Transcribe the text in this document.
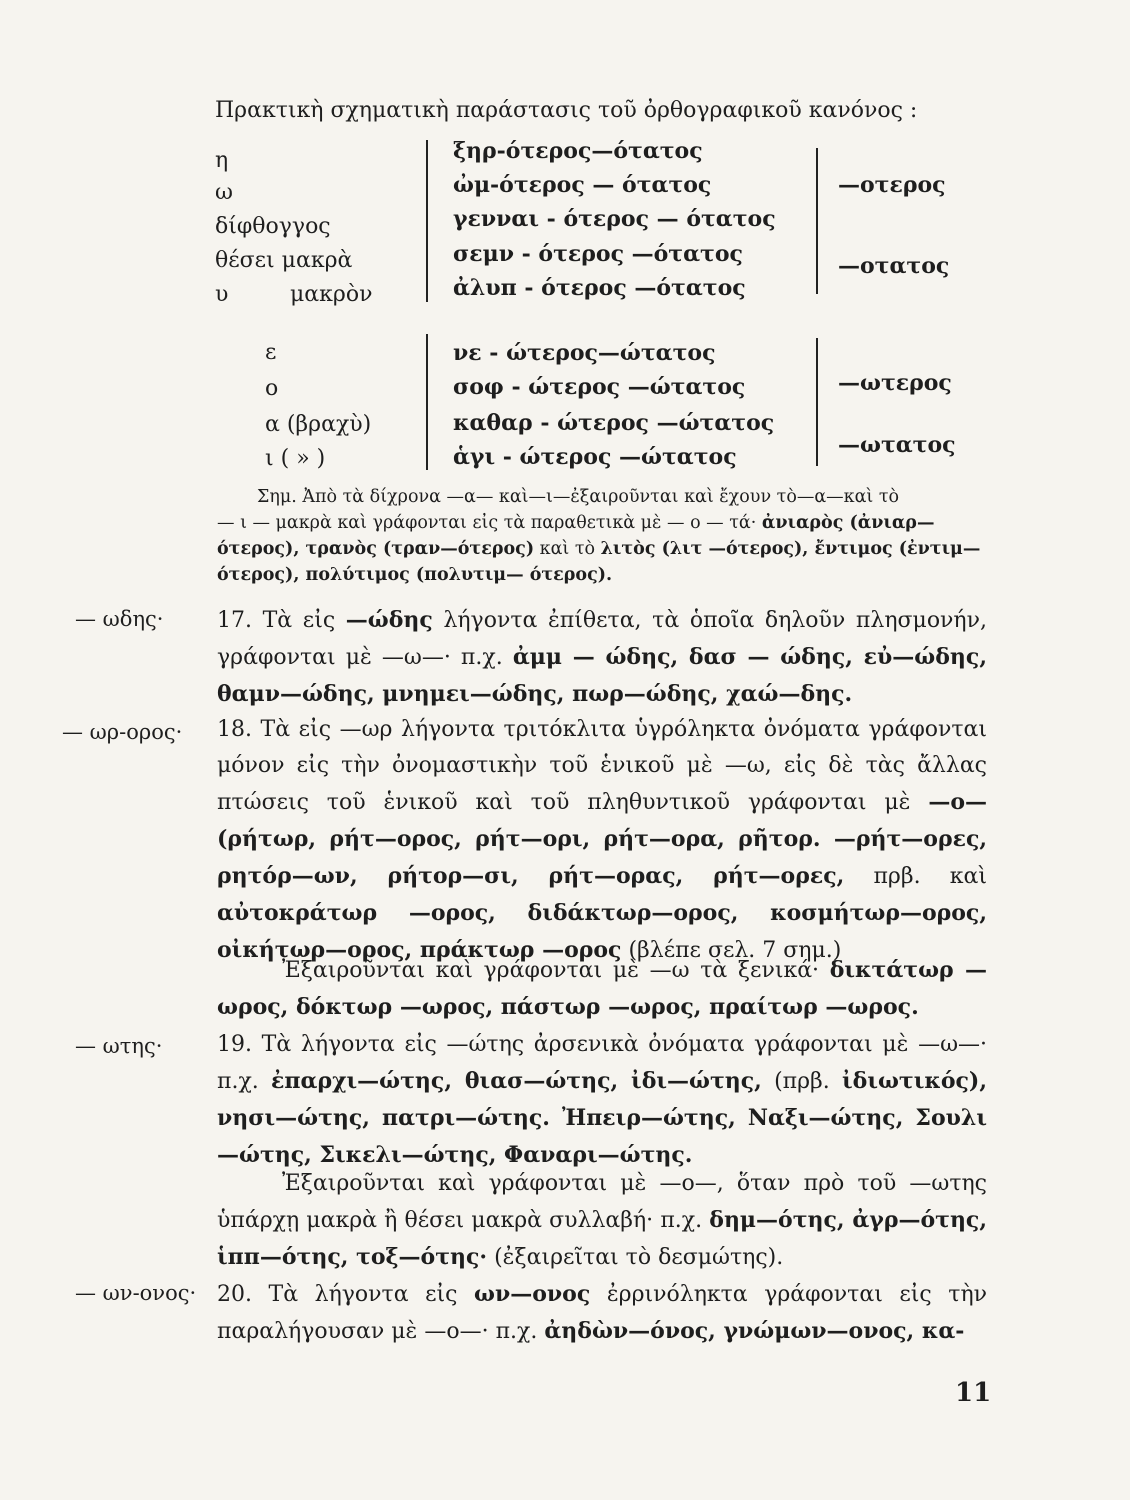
Πρακτικὴ σχηματικὴ παράστασις τοῦ ὀρθογραφικοῦ κανόνος :
η
ω
δίφθογγος
θέσει μακρὰ
υ	μακρὸν
ξηρ-ότερος—ότατος
ὠμ-ότερος — ότατος
γενναι - ότερος — ότατος
σεμν - ότερος —ότατος
ἀλυπ - ότερος —ότατος
—οτερος
—οτατος
ε
ο
α (βραχὺ)
ι ( » )
νε - ώτερος—ώτατος
σοφ - ώτερος —ώτατος
καθαρ - ώτερος —ώτατος
ἁγι - ώτερος —ώτατος
—ωτερος
—ωτατος
Σημ. Ἀπὸ τὰ δίχρονα —α— καὶ—ι—ἐξαιροῦνται καὶ ἔχουν τὸ—α—καὶ τὸ
— ι — μακρὰ καὶ γράφονται εἰς τὰ παραθετικὰ μὲ — ο — τά· ἀνιαρὸς (ἀνιαρ—
ότερος), τρανὸς (τραν—ότερος) καὶ τὸ λιτὸς (λιτ —ότερος), ἔντιμος (ἐντιμ—
ότερος), πολύτιμος (πολυτιμ— ότερος).
— ωδης·
— ωρ-ορος·
— ωτης·
— ων-ονος·
17. Τὰ εἰς —ώδης λήγοντα ἐπίθετα, τὰ ὁποῖα δηλοῦν πλησμονήν, γράφονται μὲ —ω—· π.χ. ἀμμ — ώδης, δασ — ώδης, εὐ—ώδης, θαμν—ώδης, μνημει—ώδης, πωρ—ώδης, χαώ—δης.
18. Τὰ εἰς —ωρ λήγοντα τριτόκλιτα ὑγρόληκτα ὀνόματα γράφονται μόνον εἰς τὴν ὀνομαστικὴν τοῦ ἑνικοῦ μὲ —ω, εἰς δὲ τὰς ἄλλας πτώσεις τοῦ ἑνικοῦ καὶ τοῦ πληθυντικοῦ γράφονται μὲ —ο— (ρήτωρ, ρήτ—ορος, ρήτ—ορι, ρήτ—ορα, ρῆτορ. —ρήτ—ορες, ρητόρ—ων, ρήτορ—σι, ρήτ—ορας, ρήτ—ορες, πρβ. καὶ αὐτοκράτωρ —ορος, διδάκτωρ—ορος, κοσμήτωρ—ορος, οἰκήτωρ—ορος, πράκτωρ —ορος (βλέπε σελ. 7 σημ.)
Ἐξαιροῦνται καὶ γράφονται μὲ —ω τὰ ξενικά· δικτάτωρ —ωρος, δόκτωρ —ωρος, πάστωρ —ωρος, πραίτωρ —ωρος.
19. Τὰ λήγοντα εἰς —ώτης ἀρσενικὰ ὀνόματα γράφονται μὲ —ω—· π.χ. ἐπαρχι—ώτης, θιασ—ώτης, ἰδι—ώτης, (πρβ. ἰδιωτικός), νησι—ώτης, πατρι—ώτης. Ἠπειρ—ώτης, Ναξι—ώτης, Σουλι—ώτης, Σικελι—ώτης, Φαναρι—ώτης.
Ἐξαιροῦνται καὶ γράφονται μὲ —ο—, ὅταν πρὸ τοῦ —ωτης ὑπάρχῃ μακρὰ ἢ θέσει μακρὰ συλλαβή· π.χ. δημ—ότης, ἀγρ—ότης, ἱππ—ότης, τοξ—ότης· (ἐξαιρεῖται τὸ δεσμώτης).
20. Τὰ λήγοντα εἰς ων—ονος ἐρρινόληκτα γράφονται εἰς τὴν παραλήγουσαν μὲ —ο—· π.χ. ἀηδὼν—όνος, γνώμων—ονος, κα-
11
